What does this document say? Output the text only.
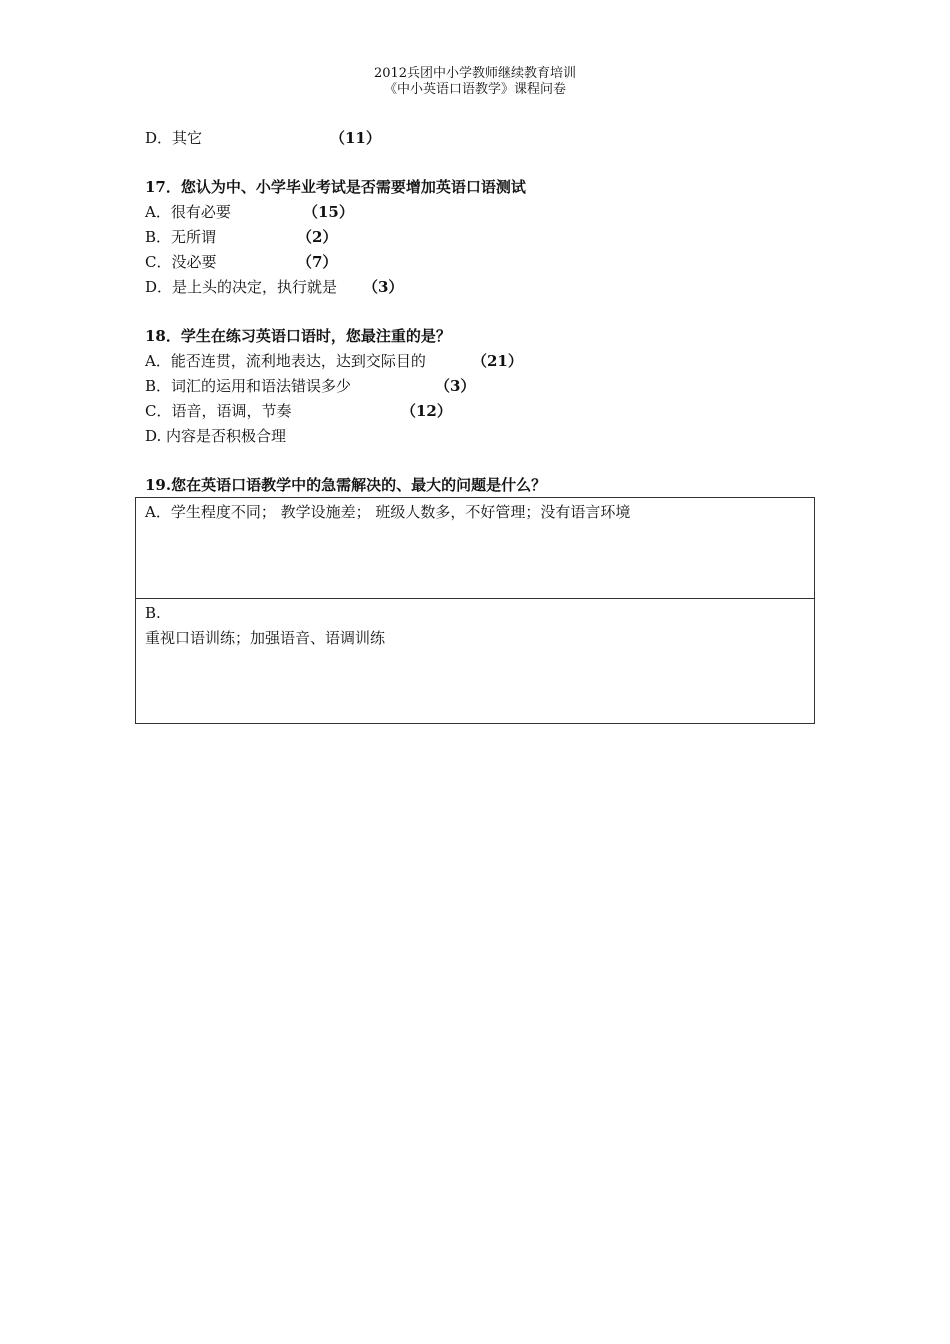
2012兵团中小学教师继续教育培训
《中小英语口语教学》课程问卷
D．其它	（11）
17．您认为中、小学毕业考试是否需要增加英语口语测试
A．很有必要	（15）
B．无所谓	（2）
C．没必要	（7）
D．是上头的决定，执行就是 （3）
18．学生在练习英语口语时，您最注重的是？
A．能否连贯，流利地表达，达到交际目的	（21）
B．词汇的运用和语法错误多少	（3）
C．语音，语调，节奏	（12）
D. 内容是否积极合理
19.您在英语口语教学中的急需解决的、最大的问题是什么？
A．学生程度不同； 教学设施差； 班级人数多，不好管理；没有语言环境
B.
重视口语训练；加强语音、语调训练
